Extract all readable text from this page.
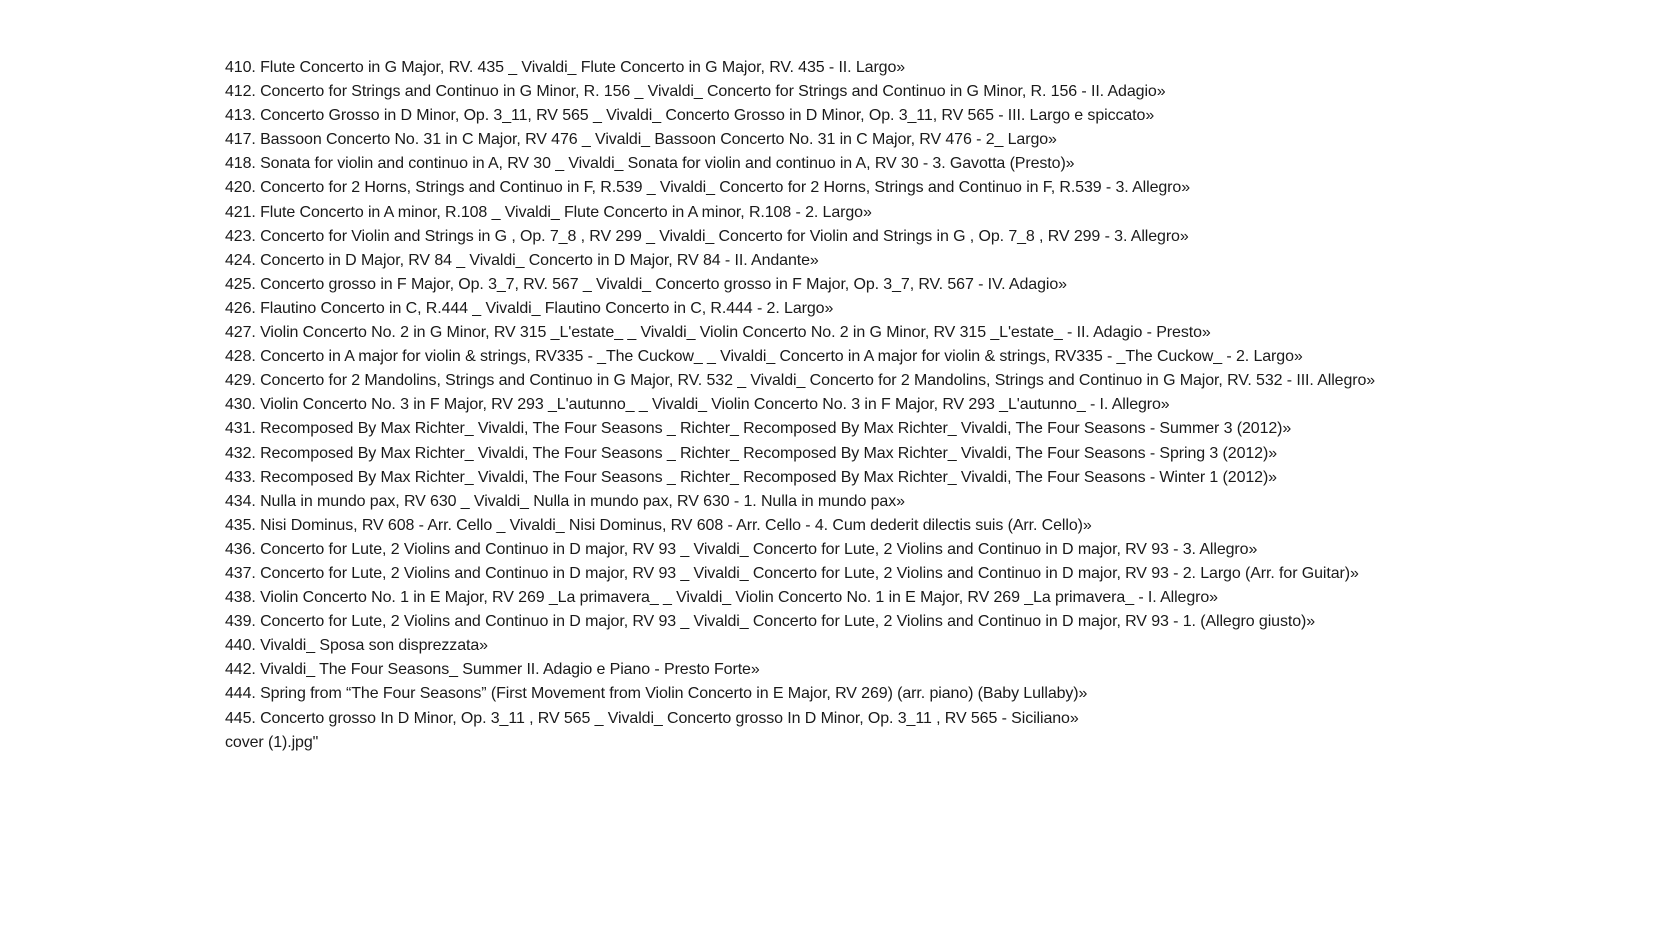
410. Flute Concerto in G Major, RV. 435 _ Vivaldi_ Flute Concerto in G Major, RV. 435 - II. Largo»
412. Concerto for Strings and Continuo in G Minor, R. 156 _ Vivaldi_ Concerto for Strings and Continuo in G Minor, R. 156 - II. Adagio»
413. Concerto Grosso in D Minor, Op. 3_11, RV 565 _ Vivaldi_ Concerto Grosso in D Minor, Op. 3_11, RV 565 - III. Largo e spiccato»
417. Bassoon Concerto No. 31 in C Major, RV 476 _ Vivaldi_ Bassoon Concerto No. 31 in C Major, RV 476 - 2_ Largo»
418. Sonata for violin and continuo in A, RV 30 _ Vivaldi_ Sonata for violin and continuo in A, RV 30 - 3. Gavotta (Presto)»
420. Concerto for 2 Horns, Strings and Continuo in F, R.539 _ Vivaldi_ Concerto for 2 Horns, Strings and Continuo in F, R.539 - 3. Allegro»
421. Flute Concerto in A minor, R.108 _ Vivaldi_ Flute Concerto in A minor, R.108 - 2. Largo»
423. Concerto for Violin and Strings in G , Op. 7_8 , RV 299 _ Vivaldi_ Concerto for Violin and Strings in G , Op. 7_8 , RV 299 - 3. Allegro»
424. Concerto in D Major, RV 84 _ Vivaldi_ Concerto in D Major, RV 84 - II. Andante»
425. Concerto grosso in F Major, Op. 3_7, RV. 567 _ Vivaldi_ Concerto grosso in F Major, Op. 3_7, RV. 567 - IV. Adagio»
426. Flautino Concerto in C, R.444 _ Vivaldi_ Flautino Concerto in C, R.444 - 2. Largo»
427. Violin Concerto No. 2 in G Minor, RV 315 _L'estate_ _ Vivaldi_ Violin Concerto No. 2 in G Minor, RV 315 _L'estate_ - II. Adagio - Presto»
428. Concerto in A major for violin & strings, RV335 - _The Cuckow_ _ Vivaldi_ Concerto in A major for violin & strings, RV335 - _The Cuckow_ - 2. Largo»
429. Concerto for 2 Mandolins, Strings and Continuo in G Major, RV. 532 _ Vivaldi_ Concerto for 2 Mandolins, Strings and Continuo in G Major, RV. 532 - III. Allegro»
430. Violin Concerto No. 3 in F Major, RV 293 _L'autunno_ _ Vivaldi_ Violin Concerto No. 3 in F Major, RV 293 _L'autunno_ - I. Allegro»
431. Recomposed By Max Richter_ Vivaldi, The Four Seasons _ Richter_ Recomposed By Max Richter_ Vivaldi, The Four Seasons - Summer 3 (2012)»
432. Recomposed By Max Richter_ Vivaldi, The Four Seasons _ Richter_ Recomposed By Max Richter_ Vivaldi, The Four Seasons - Spring 3 (2012)»
433. Recomposed By Max Richter_ Vivaldi, The Four Seasons _ Richter_ Recomposed By Max Richter_ Vivaldi, The Four Seasons - Winter 1 (2012)»
434. Nulla in mundo pax, RV 630 _ Vivaldi_ Nulla in mundo pax, RV 630 - 1. Nulla in mundo pax»
435. Nisi Dominus, RV 608 - Arr. Cello _ Vivaldi_ Nisi Dominus, RV 608 - Arr. Cello - 4. Cum dederit dilectis suis (Arr. Cello)»
436. Concerto for Lute, 2 Violins and Continuo in D major, RV 93 _ Vivaldi_ Concerto for Lute, 2 Violins and Continuo in D major, RV 93 - 3. Allegro»
437. Concerto for Lute, 2 Violins and Continuo in D major, RV 93 _ Vivaldi_ Concerto for Lute, 2 Violins and Continuo in D major, RV 93 - 2. Largo (Arr. for Guitar)»
438. Violin Concerto No. 1 in E Major, RV 269 _La primavera_ _ Vivaldi_ Violin Concerto No. 1 in E Major, RV 269 _La primavera_ - I. Allegro»
439. Concerto for Lute, 2 Violins and Continuo in D major, RV 93 _ Vivaldi_ Concerto for Lute, 2 Violins and Continuo in D major, RV 93 - 1. (Allegro giusto)»
440. Vivaldi_ Sposa son disprezzata»
442. Vivaldi_ The Four Seasons_ Summer II. Adagio e Piano - Presto Forte»
444. Spring from “The Four Seasons” (First Movement from Violin Concerto in E Major, RV 269) (arr. piano) (Baby Lullaby)»
445. Concerto grosso In D Minor, Op. 3_11 , RV 565 _ Vivaldi_ Concerto grosso In D Minor, Op. 3_11 , RV 565 - Siciliano»
cover (1).jpg"
